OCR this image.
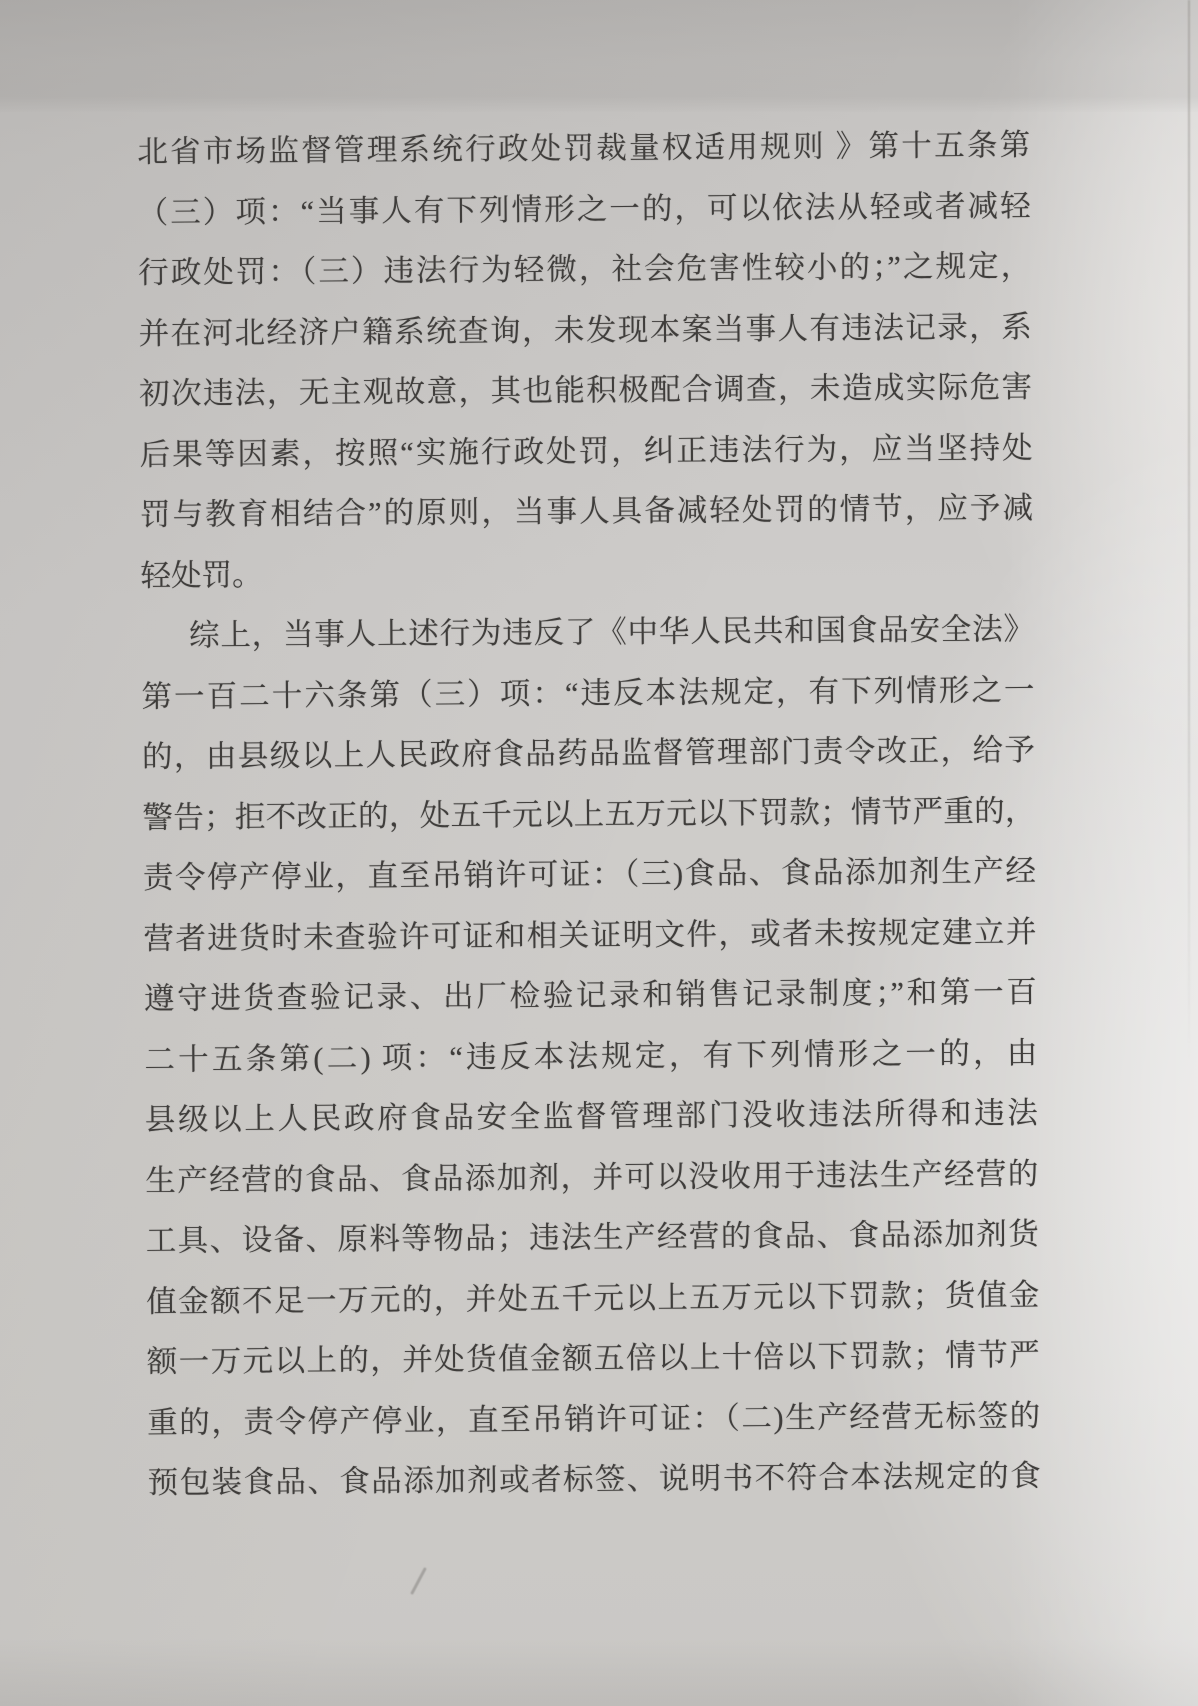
北省市场监督管理系统行政处罚裁量权适用规则 》第十五条第
（三）项：“当事人有下列情形之一的，可以依法从轻或者减轻
行政处罚：（三）违法行为轻微，社会危害性较小的；”之规定，
并在河北经济户籍系统查询，未发现本案当事人有违法记录，系
初次违法，无主观故意，其也能积极配合调查，未造成实际危害
后果等因素，按照“实施行政处罚，纠正违法行为，应当坚持处
罚与教育相结合”的原则，当事人具备减轻处罚的情节，应予减
轻处罚。
综上，当事人上述行为违反了《中华人民共和国食品安全法》
第一百二十六条第（三）项：“违反本法规定，有下列情形之一
的，由县级以上人民政府食品药品监督管理部门责令改正，给予
警告；拒不改正的，处五千元以上五万元以下罚款；情节严重的，
责令停产停业，直至吊销许可证：（三)食品、食品添加剂生产经
营者进货时未查验许可证和相关证明文件，或者未按规定建立并
遵守进货查验记录、出厂检验记录和销售记录制度；”和第一百
二十五条第(二) 项：“违反本法规定，有下列情形之一的，由
县级以上人民政府食品安全监督管理部门没收违法所得和违法
生产经营的食品、食品添加剂，并可以没收用于违法生产经营的
工具、设备、原料等物品；违法生产经营的食品、食品添加剂货
值金额不足一万元的，并处五千元以上五万元以下罚款；货值金
额一万元以上的，并处货值金额五倍以上十倍以下罚款；情节严
重的，责令停产停业，直至吊销许可证：（二)生产经营无标签的
预包装食品、食品添加剂或者标签、说明书不符合本法规定的食
